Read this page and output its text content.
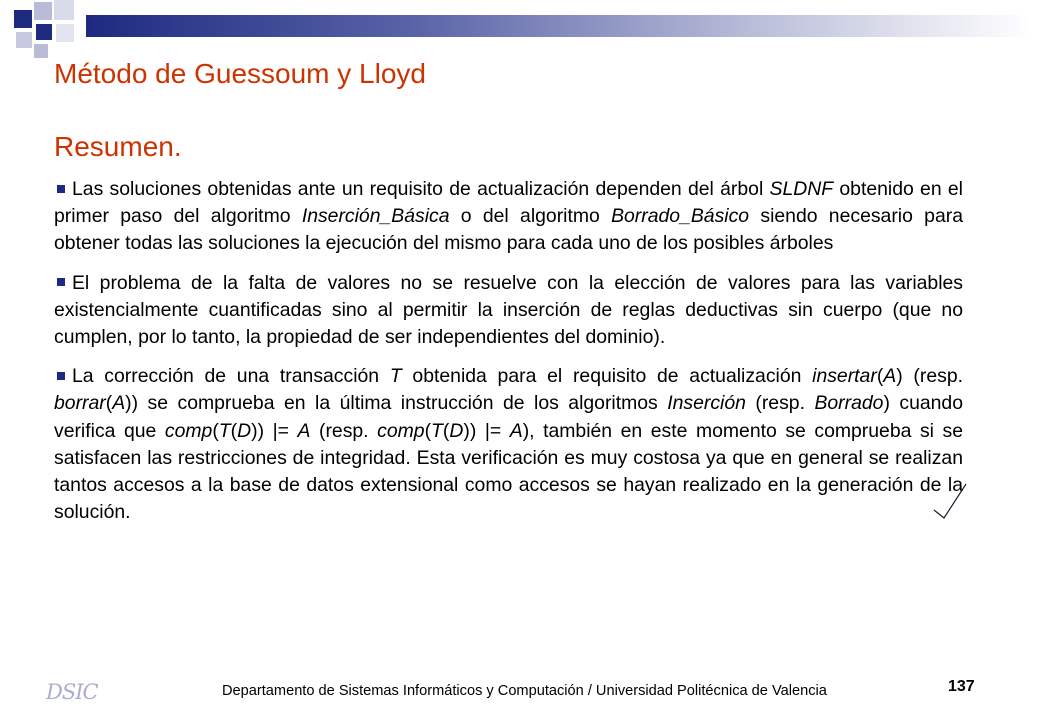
Método de Guessoum y Lloyd
Resumen.

Las soluciones obtenidas ante un requisito de actualización dependen del árbol SLDNF obtenido en el primer paso del algoritmo Inserción_Básica o del algoritmo Borrado_Básico siendo necesario para obtener todas las soluciones la ejecución del mismo para cada uno de los posibles árboles

El problema de la falta de valores no se resuelve con la elección de valores para las variables existencialmente cuantificadas sino al permitir la inserción de reglas deductivas sin cuerpo (que no cumplen, por lo tanto, la propiedad de ser independientes del dominio).

La corrección de una transacción T obtenida para el requisito de actualización insertar(A) (resp. borrar(A)) se comprueba en la última instrucción de los algoritmos Inserción (resp. Borrado) cuando verifica que comp(T(D)) |= A (resp. comp(T(D)) |= A), también en este momento se comprueba si se satisfacen las restricciones de integridad. Esta verificación es muy costosa ya que en general se realizan tantos accesos a la base de datos extensional como accesos se hayan realizado en la generación de la solución.

DSIC	Departamento de Sistemas Informáticos y Computación / Universidad Politécnica de Valencia	137
